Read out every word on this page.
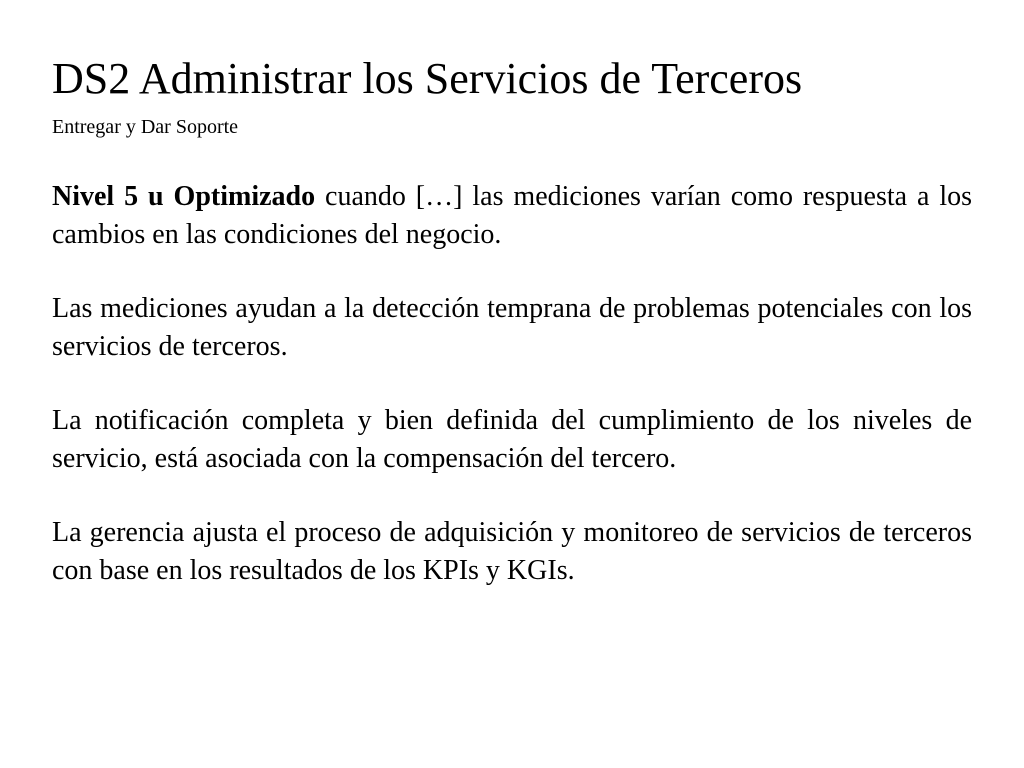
DS2 Administrar los Servicios de Terceros
Entregar y Dar Soporte

Nivel 5 u Optimizado cuando […] las mediciones varían como respuesta a los cambios en las condiciones del negocio.

Las mediciones ayudan a la detección temprana de problemas potenciales con los servicios de terceros.

La notificación completa y bien definida del cumplimiento de los niveles de servicio, está asociada con la compensación del tercero.

La gerencia ajusta el proceso de adquisición y monitoreo de servicios de terceros con base en los resultados de los KPIs y KGIs.
